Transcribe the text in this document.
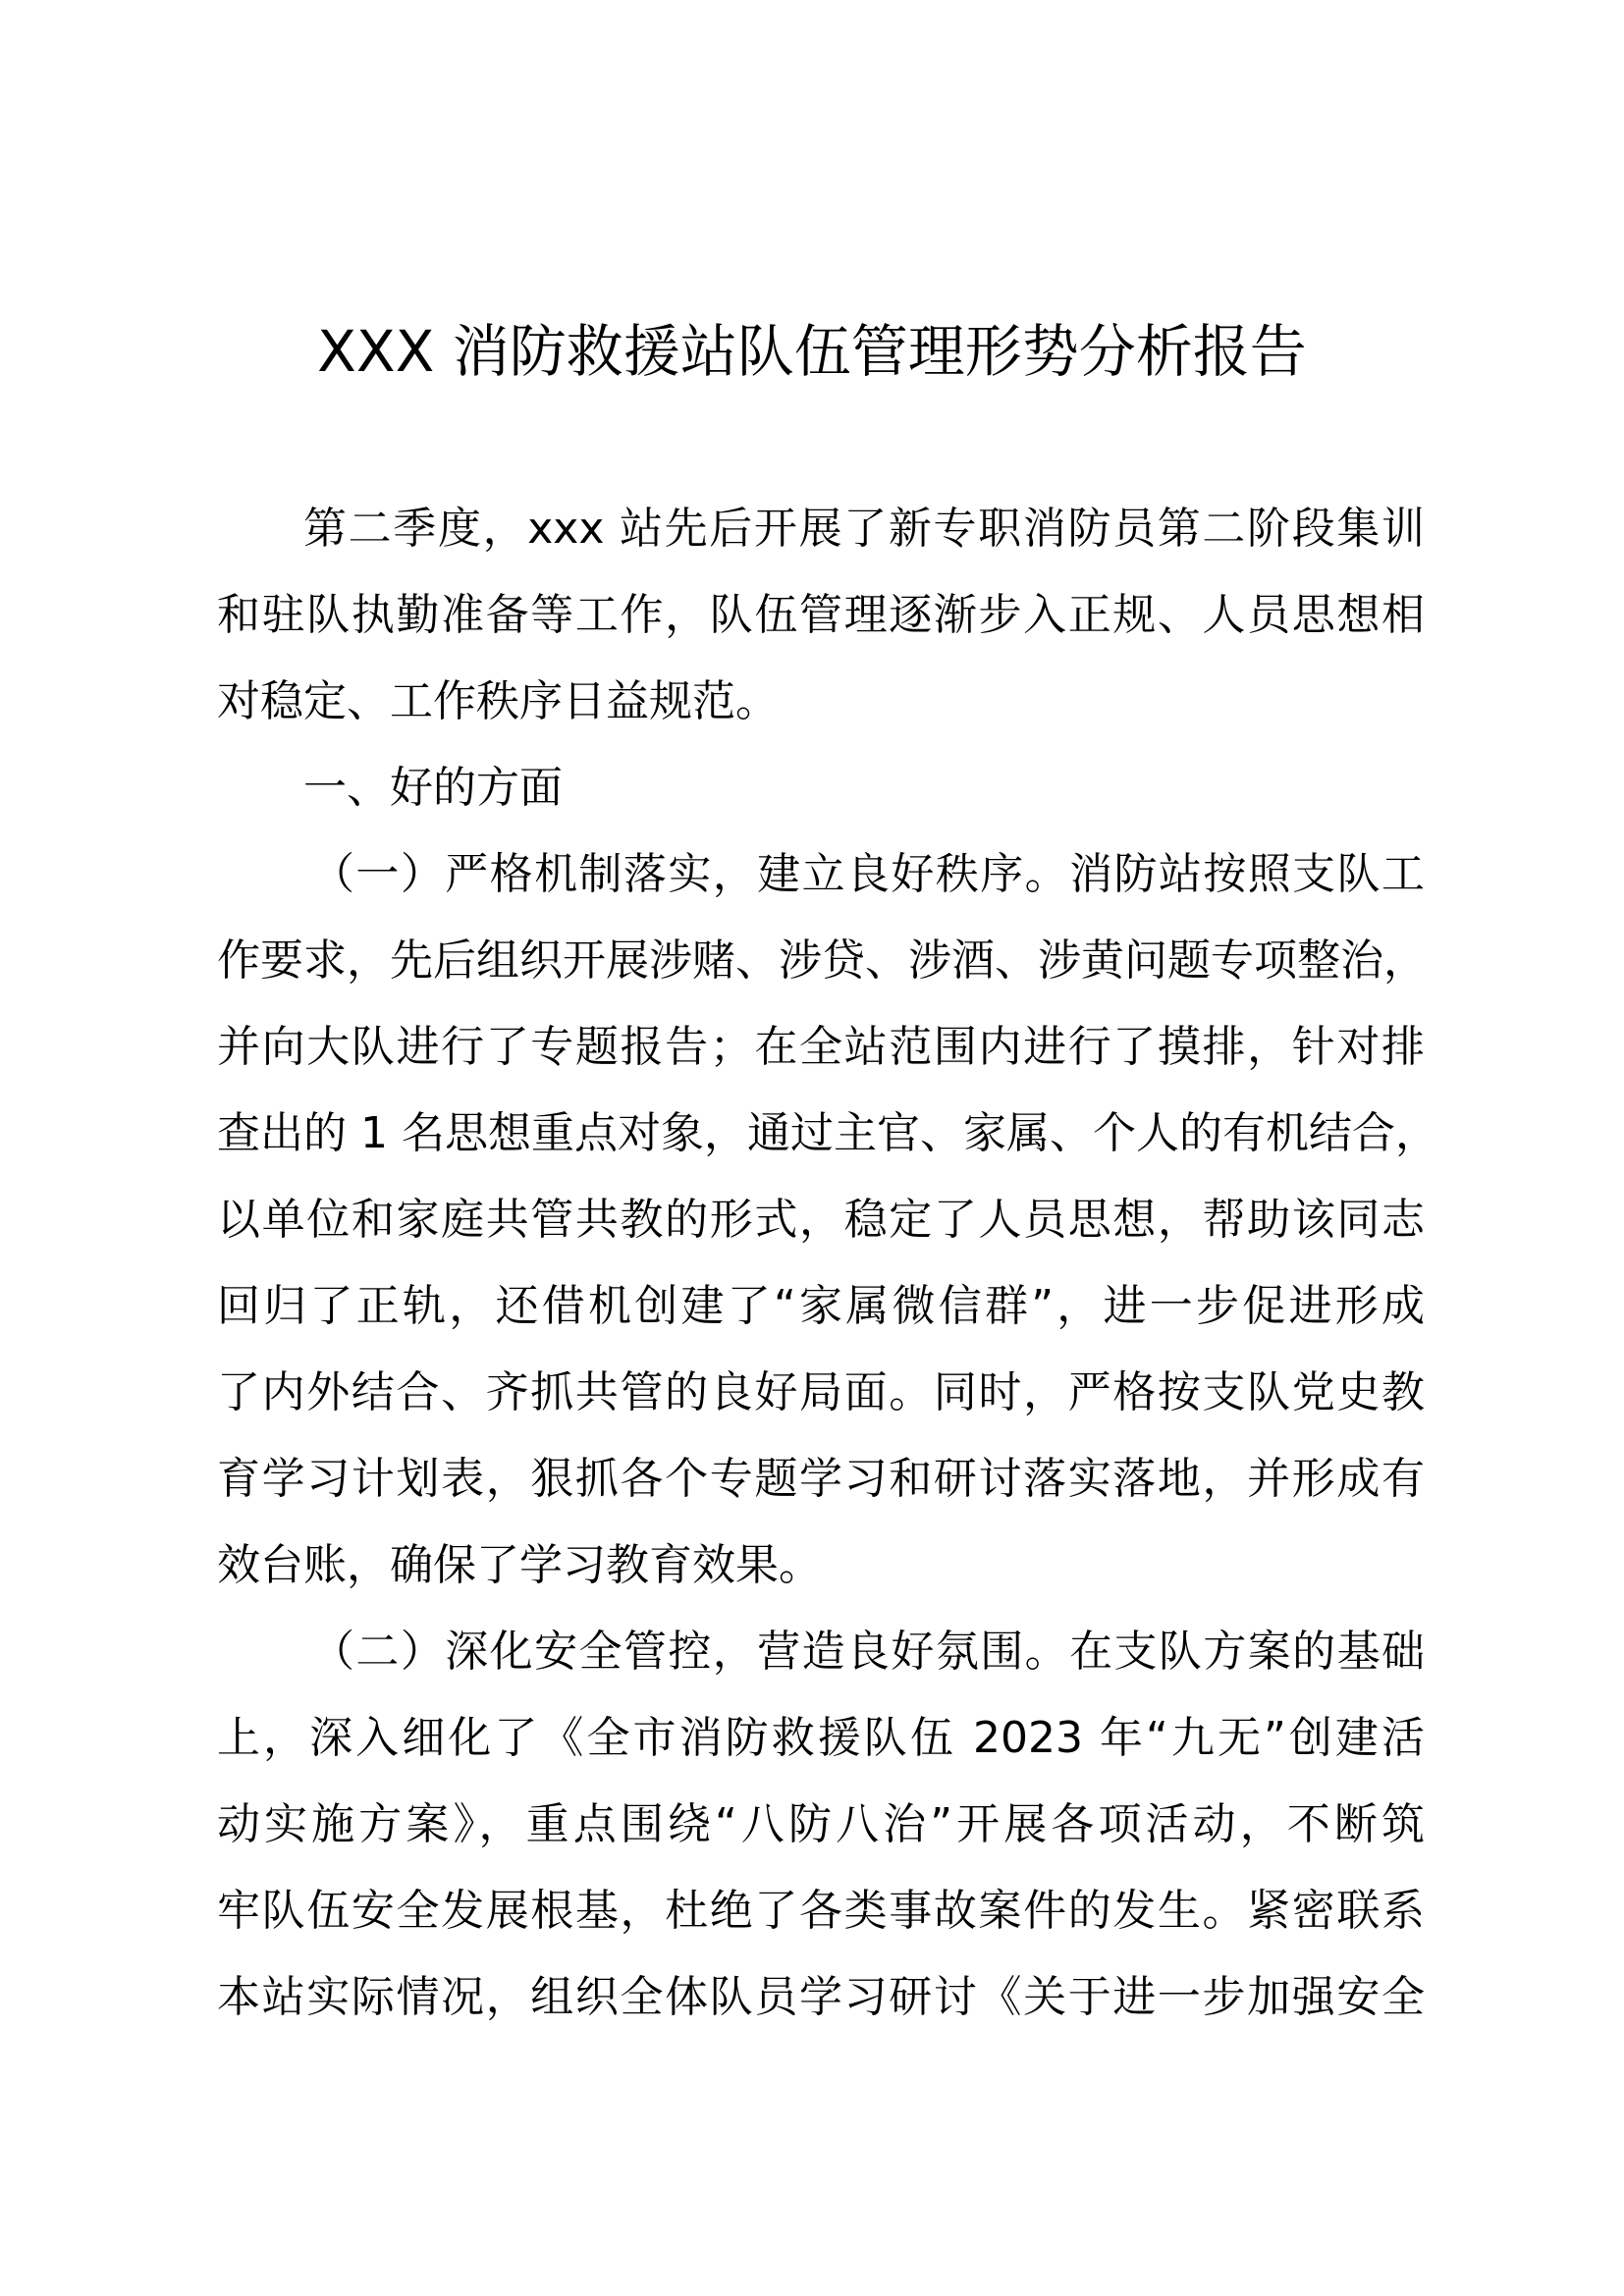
XXX 消防救援站队伍管理形势分析报告
第二季度，xxx 站先后开展了新专职消防员第二阶段集训
和驻队执勤准备等工作，队伍管理逐渐步入正规、人员思想相
对稳定、工作秩序日益规范。
一、好的方面
（一）严格机制落实，建立良好秩序。消防站按照支队工
作要求，先后组织开展涉赌、涉贷、涉酒、涉黄问题专项整治，
并向大队进行了专题报告；在全站范围内进行了摸排，针对排
查出的 1 名思想重点对象，通过主官、家属、个人的有机结合，
以单位和家庭共管共教的形式，稳定了人员思想，帮助该同志
回归了正轨，还借机创建了“家属微信群”，进一步促进形成
了内外结合、齐抓共管的良好局面。同时，严格按支队党史教
育学习计划表，狠抓各个专题学习和研讨落实落地，并形成有
效台账，确保了学习教育效果。
（二）深化安全管控，营造良好氛围。在支队方案的基础
上，深入细化了《全市消防救援队伍 2023 年“九无”创建活
动实施方案》，重点围绕“八防八治”开展各项活动，不断筑
牢队伍安全发展根基，杜绝了各类事故案件的发生。紧密联系
本站实际情况，组织全体队员学习研讨《关于进一步加强安全
